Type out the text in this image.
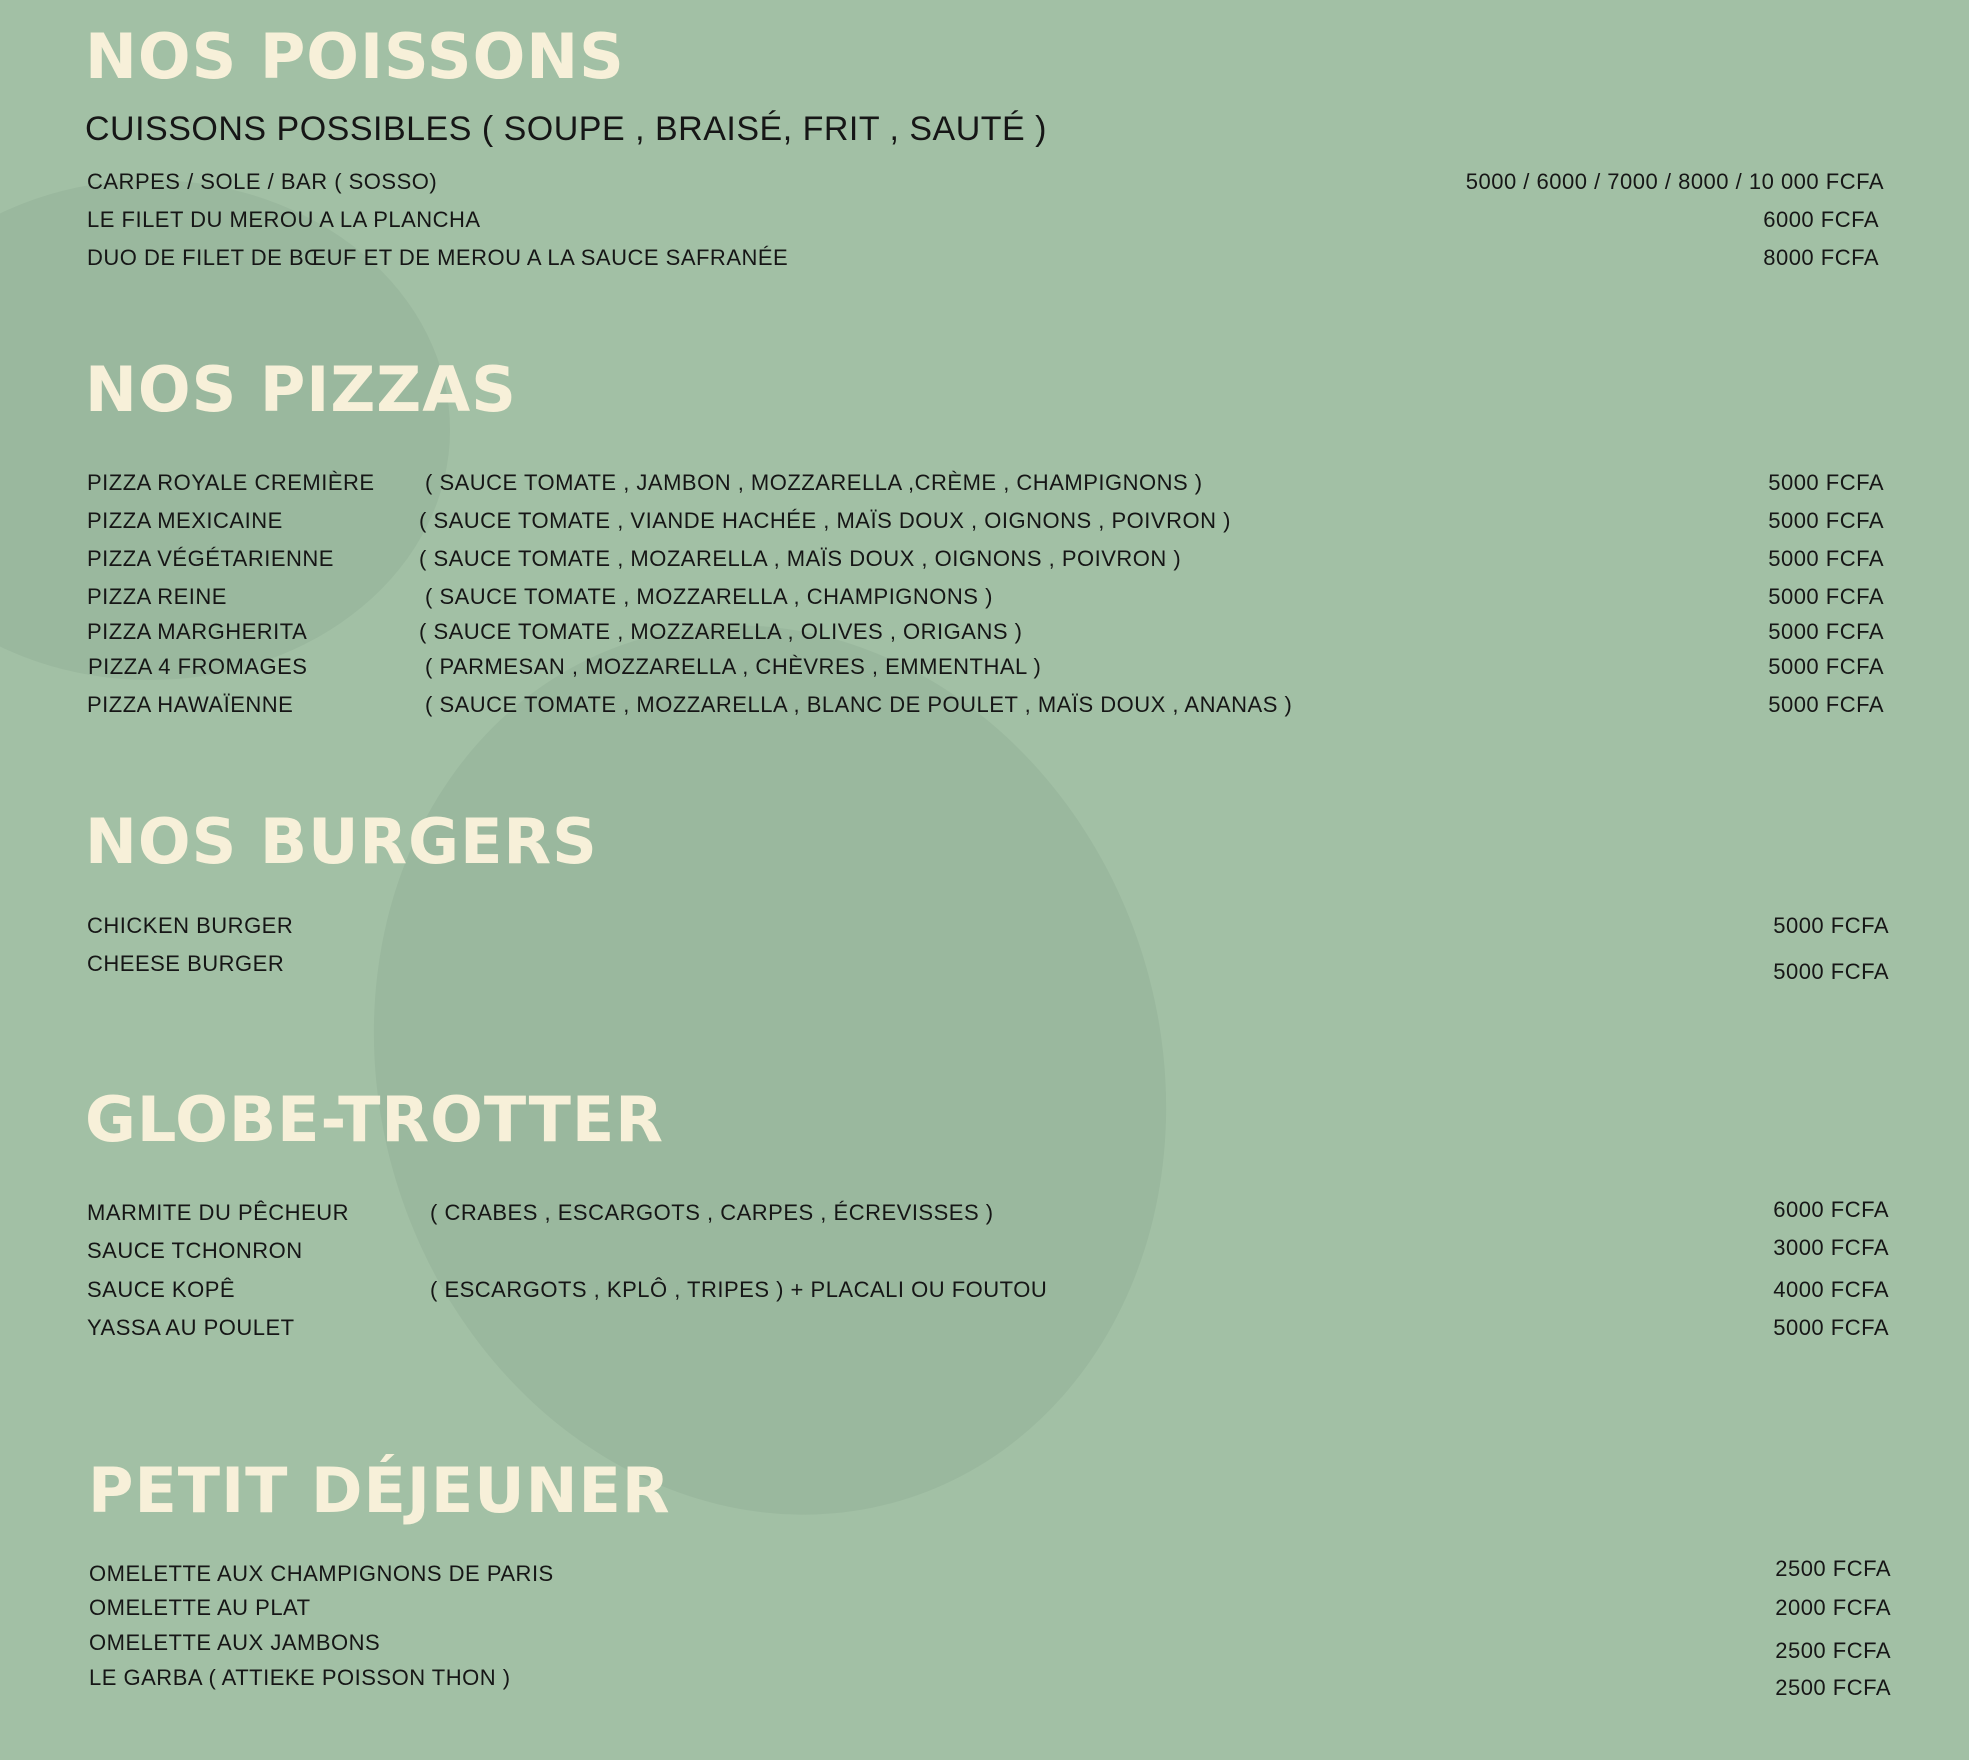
NOS POISSONS
CUISSONS POSSIBLES ( SOUPE , BRAISÉ, FRIT , SAUTÉ )
CARPES / SOLE / BAR ( SOSSO)	5000 / 6000 / 7000 / 8000 / 10 000 FCFA
LE FILET DU MEROU A LA PLANCHA	6000 FCFA
DUO DE FILET DE BŒUF ET DE MEROU A LA SAUCE SAFRANÉE	8000 FCFA
NOS PIZZAS
PIZZA ROYALE CREMIÈRE ( SAUCE TOMATE , JAMBON , MOZZARELLA ,CRÈME , CHAMPIGNONS )	5000 FCFA
PIZZA MEXICAINE	( SAUCE TOMATE , VIANDE HACHÉE , MAÏS DOUX , OIGNONS , POIVRON )	5000 FCFA
PIZZA VÉGÉTARIENNE	( SAUCE TOMATE , MOZARELLA , MAÏS DOUX , OIGNONS , POIVRON )	5000 FCFA
PIZZA REINE	( SAUCE TOMATE , MOZZARELLA , CHAMPIGNONS )	5000 FCFA
PIZZA MARGHERITA	( SAUCE TOMATE , MOZZARELLA , OLIVES , ORIGANS )	5000 FCFA
PIZZA 4 FROMAGES	( PARMESAN , MOZZARELLA , CHÈVRES , EMMENTHAL )	5000 FCFA
PIZZA HAWAÏENNE	( SAUCE TOMATE , MOZZARELLA , BLANC DE POULET , MAÏS DOUX , ANANAS )	5000 FCFA
NOS BURGERS
CHICKEN BURGER	5000 FCFA
CHEESE BURGER	5000 FCFA
GLOBE-TROTTER
MARMITE DU PÊCHEUR	( CRABES , ESCARGOTS , CARPES , ÉCREVISSES )	6000 FCFA
SAUCE TCHONRON	3000 FCFA
SAUCE KOPÊ	( ESCARGOTS , KPLÔ , TRIPES ) + PLACALI OU FOUTOU	4000 FCFA
YASSA AU POULET	5000 FCFA
PETIT DÉJEUNER
OMELETTE AUX CHAMPIGNONS DE PARIS	2500 FCFA
OMELETTE AU PLAT	2000 FCFA
OMELETTE AUX JAMBONS	2500 FCFA
LE GARBA ( ATTIEKE POISSON THON )	2500 FCFA
